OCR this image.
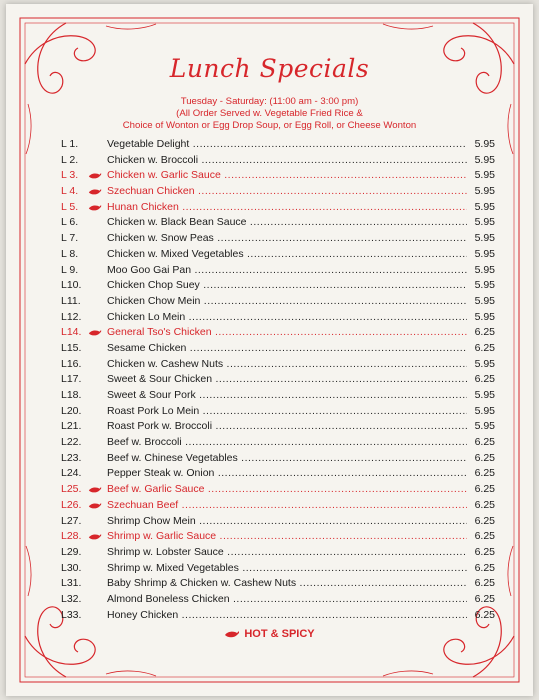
Lunch Specials
Tuesday - Saturday: (11:00 am - 3:00 pm)
(All Order Served w. Vegetable Fried Rice &
Choice of Wonton or Egg Drop Soup, or Egg Roll, or Cheese Wonton
L 1.	Vegetable Delight .....	5.95
L 2.	Chicken w. Broccoli .....	5.95
L 3.	Chicken w. Garlic Sauce .....	5.95
L 4.	Szechuan Chicken .....	5.95
L 5.	Hunan Chicken .....	5.95
L 6.	Chicken w. Black Bean Sauce .....	5.95
L 7.	Chicken w. Snow Peas .....	5.95
L 8.	Chicken w. Mixed Vegetables .....	5.95
L 9.	Moo Goo Gai Pan .....	5.95
L10. Chicken Chop Suey .....	5.95
L11.	Chicken Chow Mein .....	5.95
L12. Chicken Lo Mein .....	5.95
L14. General Tso's Chicken .....	6.25
L15. Sesame Chicken .....	6.25
L16. Chicken w. Cashew Nuts .....	5.95
L17. Sweet & Sour Chicken .....	6.25
L18. Sweet & Sour Pork .....	5.95
L20. Roast Pork Lo Mein .....	5.95
L21. Roast Pork w. Broccoli .....	5.95
L22. Beef w. Broccoli .....	6.25
L23. Beef w. Chinese Vegetables .....	6.25
L24. Pepper Steak w. Onion .....	6.25
L25. Beef w. Garlic Sauce .....	6.25
L26. Szechuan Beef .....	6.25
L27. Shrimp Chow Mein .....	6.25
L28. Shrimp w. Garlic Sauce .....	6.25
L29. Shrimp w. Lobster Sauce .....	6.25
L30. Shrimp w. Mixed Vegetables .....	6.25
L31. Baby Shrimp & Chicken w. Cashew Nuts .....	6.25
L32. Almond Boneless Chicken .....	6.25
L33. Honey Chicken .....	6.25
HOT & SPICY
